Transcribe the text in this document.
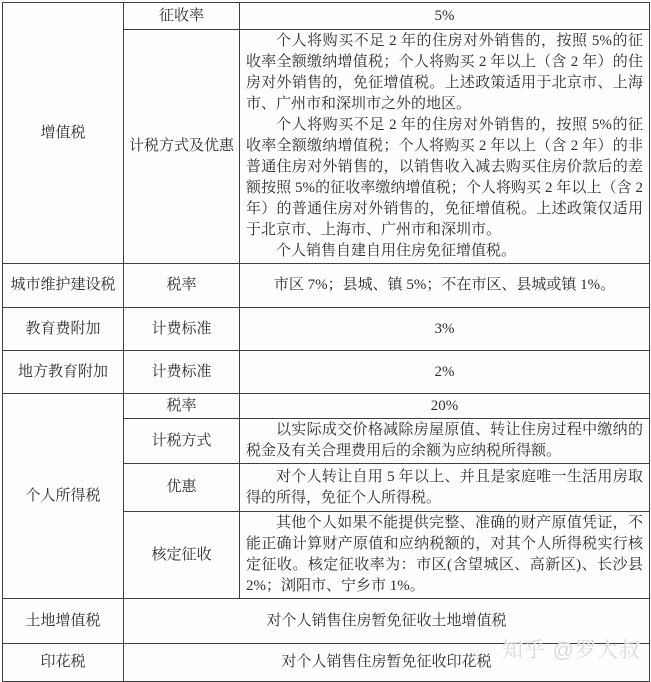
增值税	征收率	5%
	计税方式及优惠	个人将购买不足 2 年的住房对外销售的，按照 5%的征收率全额缴纳增值税；个人将购买 2 年以上（含 2 年）的住房对外销售的，免征增值税。上述政策适用于北京市、上海市、广州市和深圳市之外的地区。

个人将购买不足 2 年的住房对外销售的，按照 5%的征收率全额缴纳增值税；个人将购买 2 年以上（含 2 年）的非普通住房对外销售的，以销售收入减去购买住房价款后的差额按照 5%的征收率缴纳增值税；个人将购买 2 年以上（含 2 年）的普通住房对外销售的，免征增值税。上述政策仅适用于北京市、上海市、广州市和深圳市。

个人销售自建自用住房免征增值税。

城市维护建设税	税率	市区 7%；县城、镇 5%；不在市区、县城或镇 1%。
教育费附加	计费标准	3%
地方教育附加	计费标准	2%
个人所得税	税率	20%
	计税方式	以实际成交价格减除房屋原值、转让住房过程中缴纳的税金及有关合理费用后的余额为应纳税所得额。

	优惠	对个人转让自用 5 年以上、并且是家庭唯一生活用房取得的所得，免征个人所得税。

	核定征收	其他个人如果不能提供完整、准确的财产原值凭证，不能正确计算财产原值和应纳税额的，对其个人所得税实行核定征收。核定征收率为：市区(含望城区、高新区)、长沙县 2%；浏阳市、宁乡市 1%。

土地增值税	对个人销售住房暂免征收土地增值税	
印花税	对个人销售住房暂免征收印花税	知乎 @罗大叔
